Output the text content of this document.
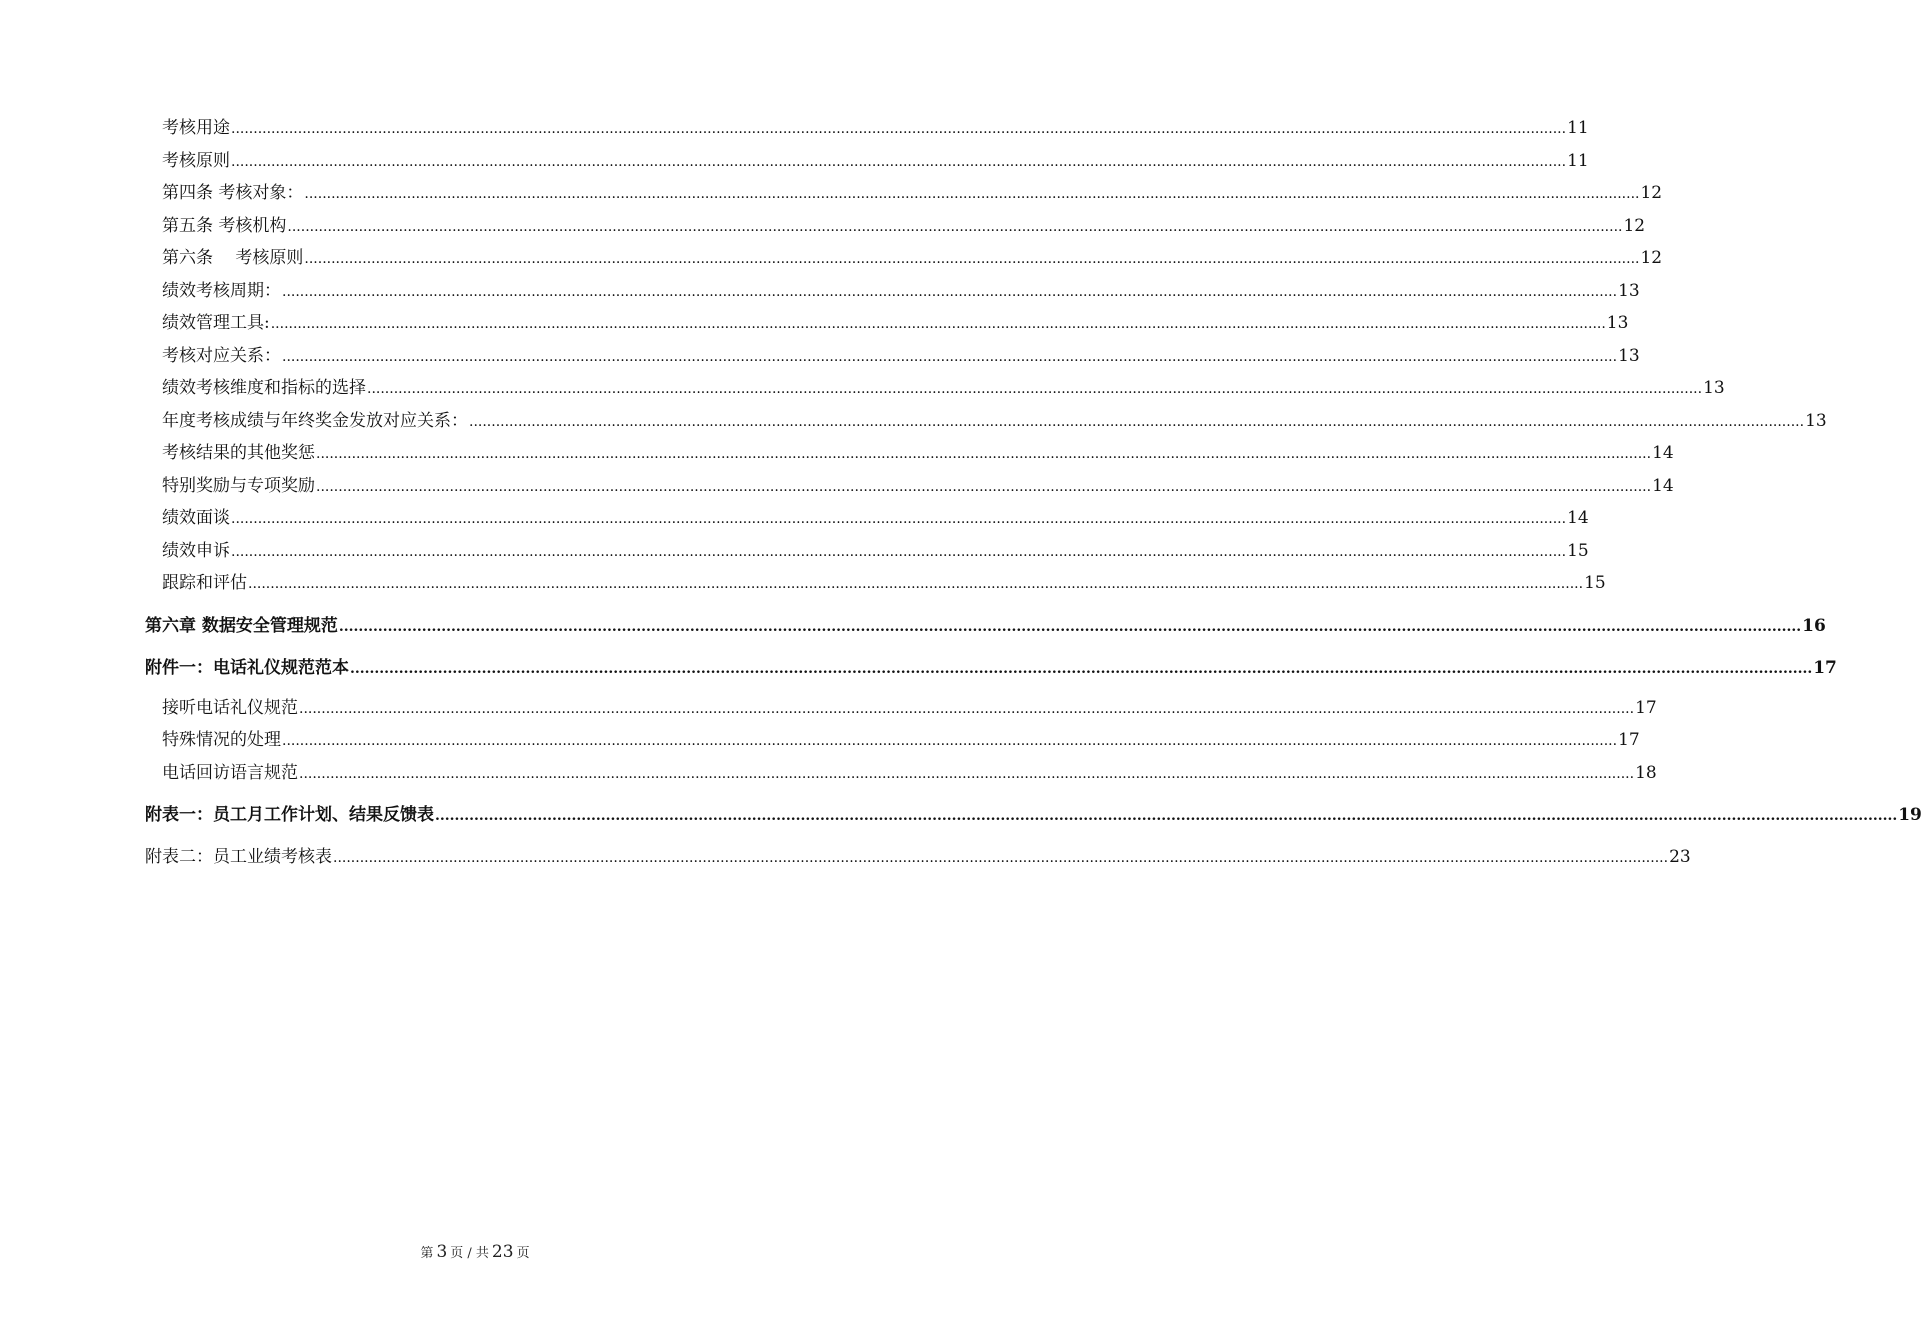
考核用途 ............................................................................................................................................................................................................................................................................................................ 11
考核原则 ............................................................................................................................................................................................................................................................................................................ 11
第四条 考核对象： ............................................................................................................................................................................................................................................................................................................ 12
第五条 考核机构 ............................................................................................................................................................................................................................................................................................................ 12
第六条 　考核原则 ............................................................................................................................................................................................................................................................................................................ 12
绩效考核周期： ............................................................................................................................................................................................................................................................................................................ 13
绩效管理工具: ............................................................................................................................................................................................................................................................................................................ 13
考核对应关系： ............................................................................................................................................................................................................................................................................................................ 13
绩效考核维度和指标的选择 ............................................................................................................................................................................................................................................................................................................ 13
年度考核成绩与年终奖金发放对应关系： ............................................................................................................................................................................................................................................................................................................ 13
考核结果的其他奖惩 ............................................................................................................................................................................................................................................................................................................ 14
特别奖励与专项奖励 ............................................................................................................................................................................................................................................................................................................ 14
绩效面谈 ............................................................................................................................................................................................................................................................................................................ 14
绩效申诉 ............................................................................................................................................................................................................................................................................................................ 15
跟踪和评估 ............................................................................................................................................................................................................................................................................................................ 15
第六章 数据安全管理规范 ............................................................................................................................................................................................................................................................................................................ 16
附件一：电话礼仪规范范本 ............................................................................................................................................................................................................................................................................................................ 17
接听电话礼仪规范 ............................................................................................................................................................................................................................................................................................................ 17
特殊情况的处理 ............................................................................................................................................................................................................................................................................................................ 17
电话回访语言规范 ............................................................................................................................................................................................................................................................................................................ 18
附表一：员工月工作计划、结果反馈表 ............................................................................................................................................................................................................................................................................................................ 19
附表二：员工业绩考核表 ............................................................................................................................................................................................................................................................................................................ 23
第 3 页 / 共 23 页
